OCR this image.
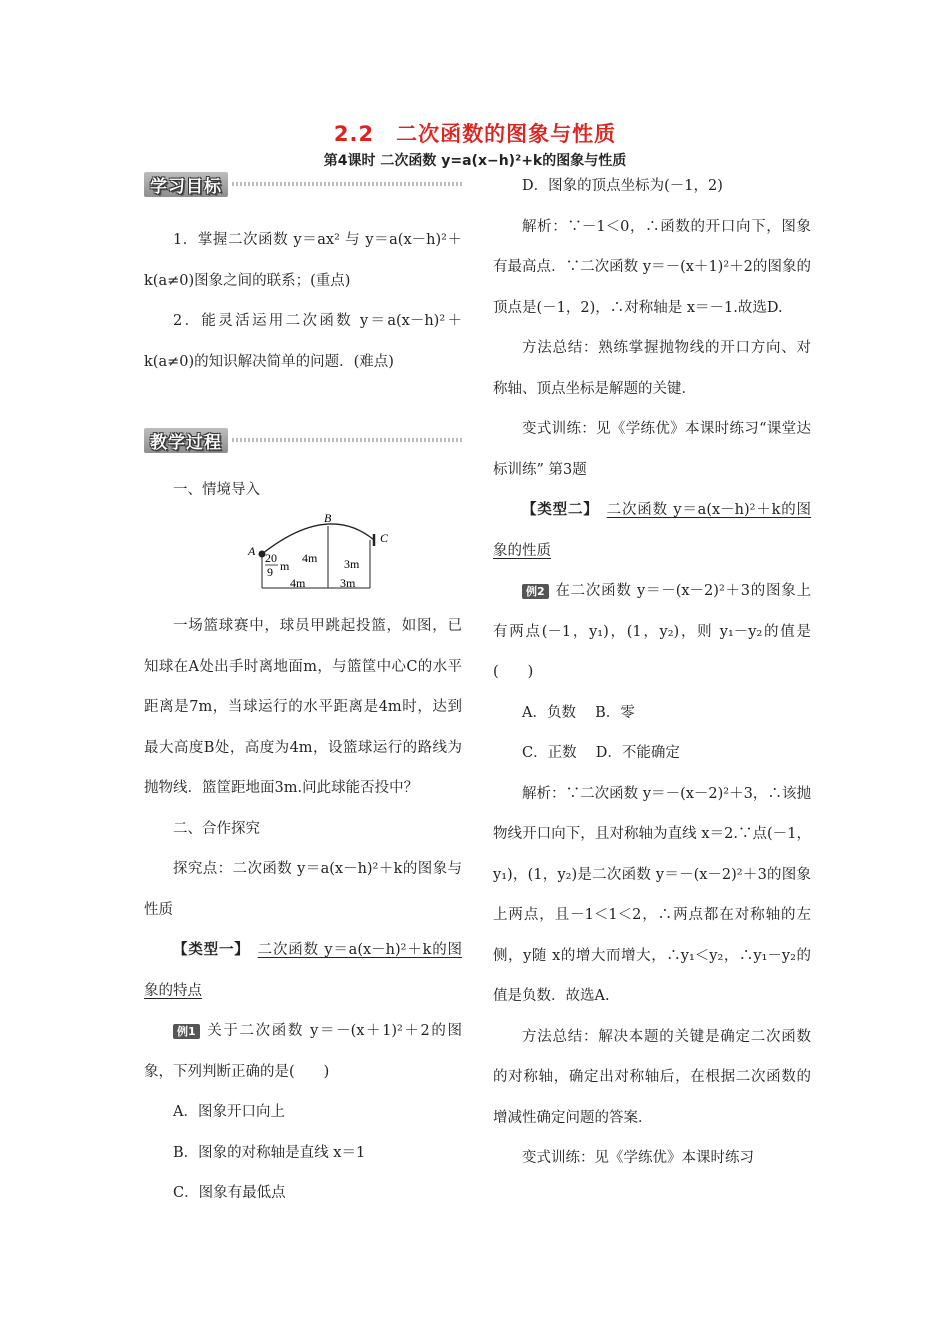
2.2　二次函数的图象与性质
第4课时 二次函数 y=a(x−h)²+k的图象与性质
学习目标

1．掌握二次函数 y＝ax² 与 y＝a(x－h)²＋k(a≠0)图象之间的联系；(重点)

2．能灵活运用二次函数 y＝a(x－h)²＋k(a≠0)的知识解决简单的问题．(难点)

教学过程

一、情境导入

A
B
C
20
9 m
4m 3m
4m	3m

一场篮球赛中，球员甲跳起投篮，如图，已知球在A处出手时离地面m，与篮筐中心C的水平距离是7m，当球运行的水平距离是4m时，达到最大高度B处，高度为4m，设篮球运行的路线为抛物线．篮筐距地面3m.问此球能否投中？

二、合作探究

探究点：二次函数 y＝a(x－h)²＋k的图象与性质

【类型一】　 二次函数 y＝a(x－h)²＋k的图象的特点

例1 关于二次函数 y＝－(x＋1)²＋2的图象，下列判断正确的是(　　)

A．图象开口向上

B．图象的对称轴是直线 x＝1

C．图象有最低点

D．图象的顶点坐标为(－1，2)

解析：∵－1＜0，∴函数的开口向下，图象有最高点．∵二次函数 y＝－(x＋1)²＋2的图象的顶点是(－1，2)，∴对称轴是 x＝－1.故选D.

方法总结：熟练掌握抛物线的开口方向、对称轴、顶点坐标是解题的关键．

变式训练：见《学练优》本课时练习“课堂达标训练” 第3题

【类型二】　 二次函数 y＝a(x－h)²＋k的图象的性质

例2 在二次函数 y＝－(x－2)²＋3的图象上有两点(－1，y₁)，(1，y₂)，则 y₁－y₂的值是(　　)

A．负数　 B．零

C．正数　 D．不能确定

解析：∵二次函数 y＝－(x－2)²＋3，∴该抛物线开口向下，且对称轴为直线 x＝2.∵点(－1，y₁)，(1，y₂)是二次函数 y＝－(x－2)²＋3的图象上两点，且－1＜1＜2，∴两点都在对称轴的左侧，y随 x的增大而增大，∴y₁＜y₂，∴y₁－y₂的值是负数．故选A.

方法总结：解决本题的关键是确定二次函数的对称轴，确定出对称轴后，在根据二次函数的增减性确定问题的答案．

变式训练：见《学练优》本课时练习
